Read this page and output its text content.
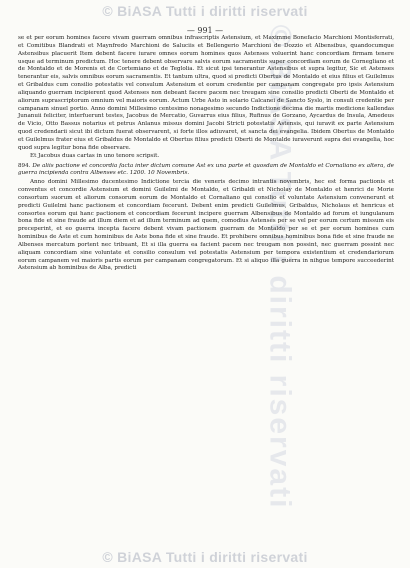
© BiASA Tutti i diritti riservati
© BiASA Tutti i diritti riservati
— 991 —

se et per eorum homines facere vivam guerram omnibus infrascriptis Astensium, et Maximme Bonefacio Marchioni Montisferrati, et Comitibus Blandrati et Maynfredo Marchioni de Saluciis et Bellengerio Marchioni de Dozzio et Albensibus, quandocumque Astensibus placuerit Item debent facere iurare omnes eorum homines quos Astenses voluerint hanc concordiam firmam tenere usque ad terminum predictum. Hoc tenere debent observare salvis eorum sacramentis super concordiam eorum de Cornegliano et de Montaldo et de Morenis et de Cortemiano et de Teglolia. Et sicut ipsi tenerantur Astensibus et supra legitur, Sic et Astenses tenerantur eis, salvis omnibus eorum sacramentis. Et tantum ultra, quod si predicti Obertus de Montaldo et eius filius et Guilelmus et Gribaldus cum consilio potestatis vel consulum Astensium et eorum credentie per campanam congregate pro ipsis Astensium aliquando guerram incipierent quod Astenses non debeant facere pacem nec treugam sine consilio predicti Oberti de Montaldo et aliorum suprascriptorum omnium vel maioris eorum. Actum Urbe Asto in solario Calcanei de Sancto Syslo, in consuli credentie per campanam sinuel portio. Anno domini Millesimo centesimo nonagesimo secundo Indictione decima die martis medicione kallendas Junanuii feliciter, interfuerunt testes, Jacobus de Mercatio, Guvarrus eius filius, Rufinus de Gorzano, Aycardus de Insula, Amedeus de Vicio, Otto Bassus notarius et petrus Anlanus missus domini Jacobi Stricti potestatis Astensis, qui iuravit ex parte Astensium quod credendarii sicut ibi dictum fuerat observarent, si forte illos adiuvaret, et sancta dei evangelia. Ibidem Obertus de Montaldo et Guilelmus frater eius et Gribaldus de Montaldo et Obertus filius predicti Oberti de Montalde iuraverunt supra dei evangelia, hoc quod supra legitur bona fide observare.

Et Jacobus duas cartas in uno tenore scripsit.

894. De aliis pactione et concordia facta inter dictum comune Ast ex una parte et quosdam de Montaldo et Cornaliano ex altera, de guerra incipienda contra Albenses etc. 1200. 10 Novembris.

Anno domini Millesimo ducentesimo Indictione tercia die veneris decimo intrantis novembris, hec est forma pactionis et conventus et concordie Astensium et domini Guilelmi de Montaldo, et Gribaldi et Nicholay de Montaldo et henrici de Morie consortum suorum et aliorum consorum eorum de Montaldo et Cornaliano qui consilio et voluntate Astensium convenerunt et predicti Guilelmi hanc pactionem et concordiam fecerunt. Debent enim predicti Guilelmus, Gribaldus, Nicholaus et henricus et consortes eorum qui hanc pactionem et concordiam fecerunt incipere guerram Albensibus de Montaldo ad forum et iungulanum bona fide et sine fraude ad illum diem et ad illum terminum ad quem, comodius Astenses per se vel per eorum certum missum eis preceperint, et eo guerra incepta facere debent vivam pactionem guerram de Montaldo per se et per eorum homines cum hominibus de Aste et cum hominibus de Aste bona fide et sine fraude. Et prohibere omnibus hominibus bona fide et sine fraude ne Albenses mercatum portent nec tribuant, Et si illa guerra ea facient pacem nec treugam non possint, nec guerram possint nec aliquam concordiam sine voluntate et consilio consulum vel potestatis Astensium per tempora existentium et credendariorum eorum campanem vel maioris partis eorum per campanam congregatorum. Et si aliquo illa guerra in nihgue tempore succeederint Astensium ab hominibus de Alba, predicti

© BiASA Tutti i diritti riservati
